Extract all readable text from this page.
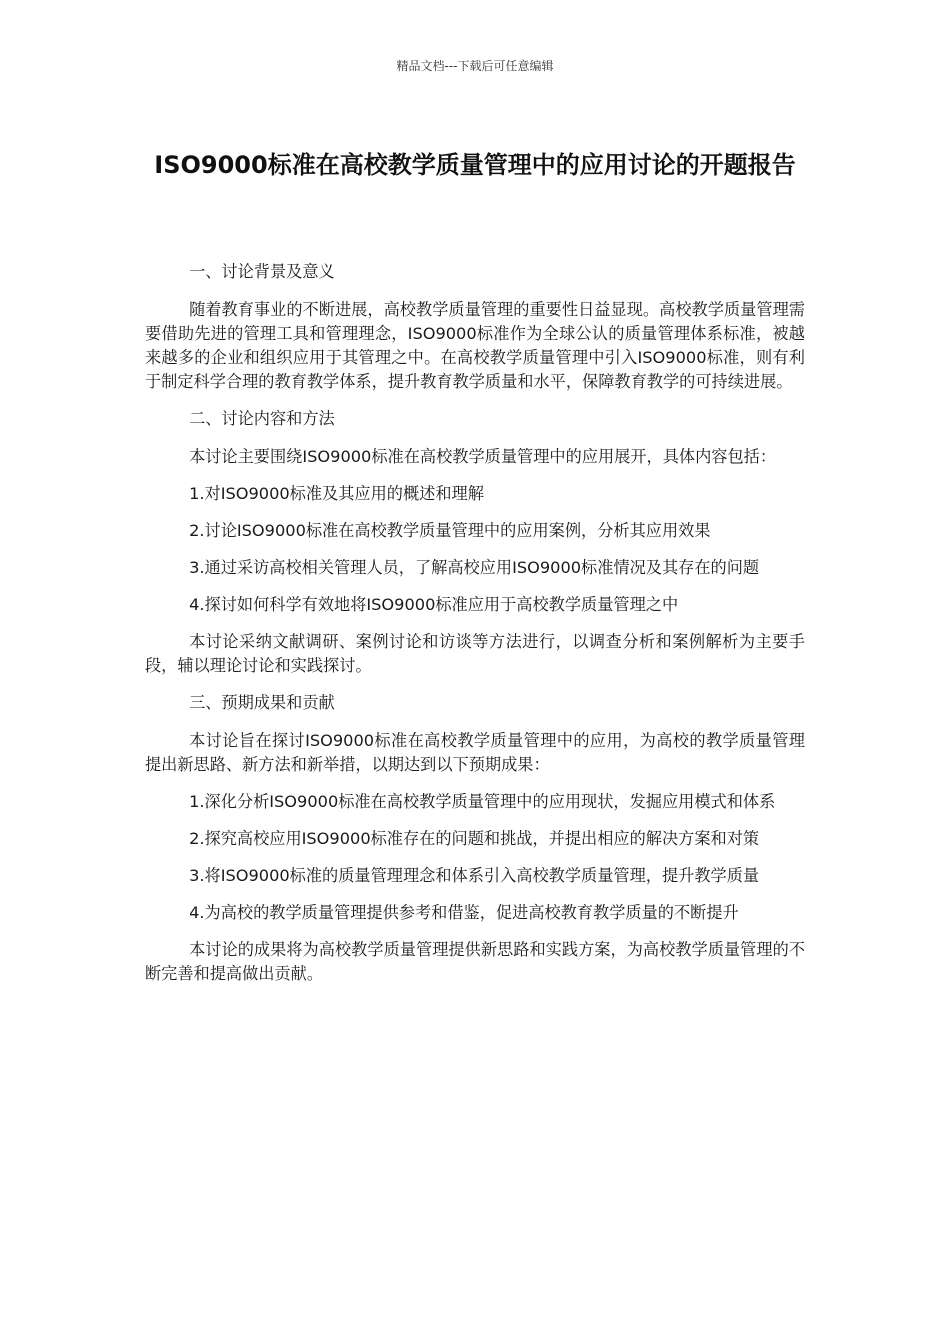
精品文档---下载后可任意编辑
ISO9000标准在高校教学质量管理中的应用讨论的开题报告

一、讨论背景及意义

随着教育事业的不断进展，高校教学质量管理的重要性日益显现。高校教学质量管理需要借助先进的管理工具和管理理念，ISO9000标准作为全球公认的质量管理体系标准，被越来越多的企业和组织应用于其管理之中。在高校教学质量管理中引入ISO9000标准，则有利于制定科学合理的教育教学体系，提升教育教学质量和水平，保障教育教学的可持续进展。

二、讨论内容和方法

本讨论主要围绕ISO9000标准在高校教学质量管理中的应用展开，具体内容包括：

1.对ISO9000标准及其应用的概述和理解

2.讨论ISO9000标准在高校教学质量管理中的应用案例，分析其应用效果

3.通过采访高校相关管理人员，了解高校应用ISO9000标准情况及其存在的问题

4.探讨如何科学有效地将ISO9000标准应用于高校教学质量管理之中

本讨论采纳文献调研、案例讨论和访谈等方法进行，以调查分析和案例解析为主要手段，辅以理论讨论和实践探讨。

三、预期成果和贡献

本讨论旨在探讨ISO9000标准在高校教学质量管理中的应用，为高校的教学质量管理提出新思路、新方法和新举措，以期达到以下预期成果：

1.深化分析ISO9000标准在高校教学质量管理中的应用现状，发掘应用模式和体系

2.探究高校应用ISO9000标准存在的问题和挑战，并提出相应的解决方案和对策

3.将ISO9000标准的质量管理理念和体系引入高校教学质量管理，提升教学质量

4.为高校的教学质量管理提供参考和借鉴，促进高校教育教学质量的不断提升

本讨论的成果将为高校教学质量管理提供新思路和实践方案，为高校教学质量管理的不断完善和提高做出贡献。
